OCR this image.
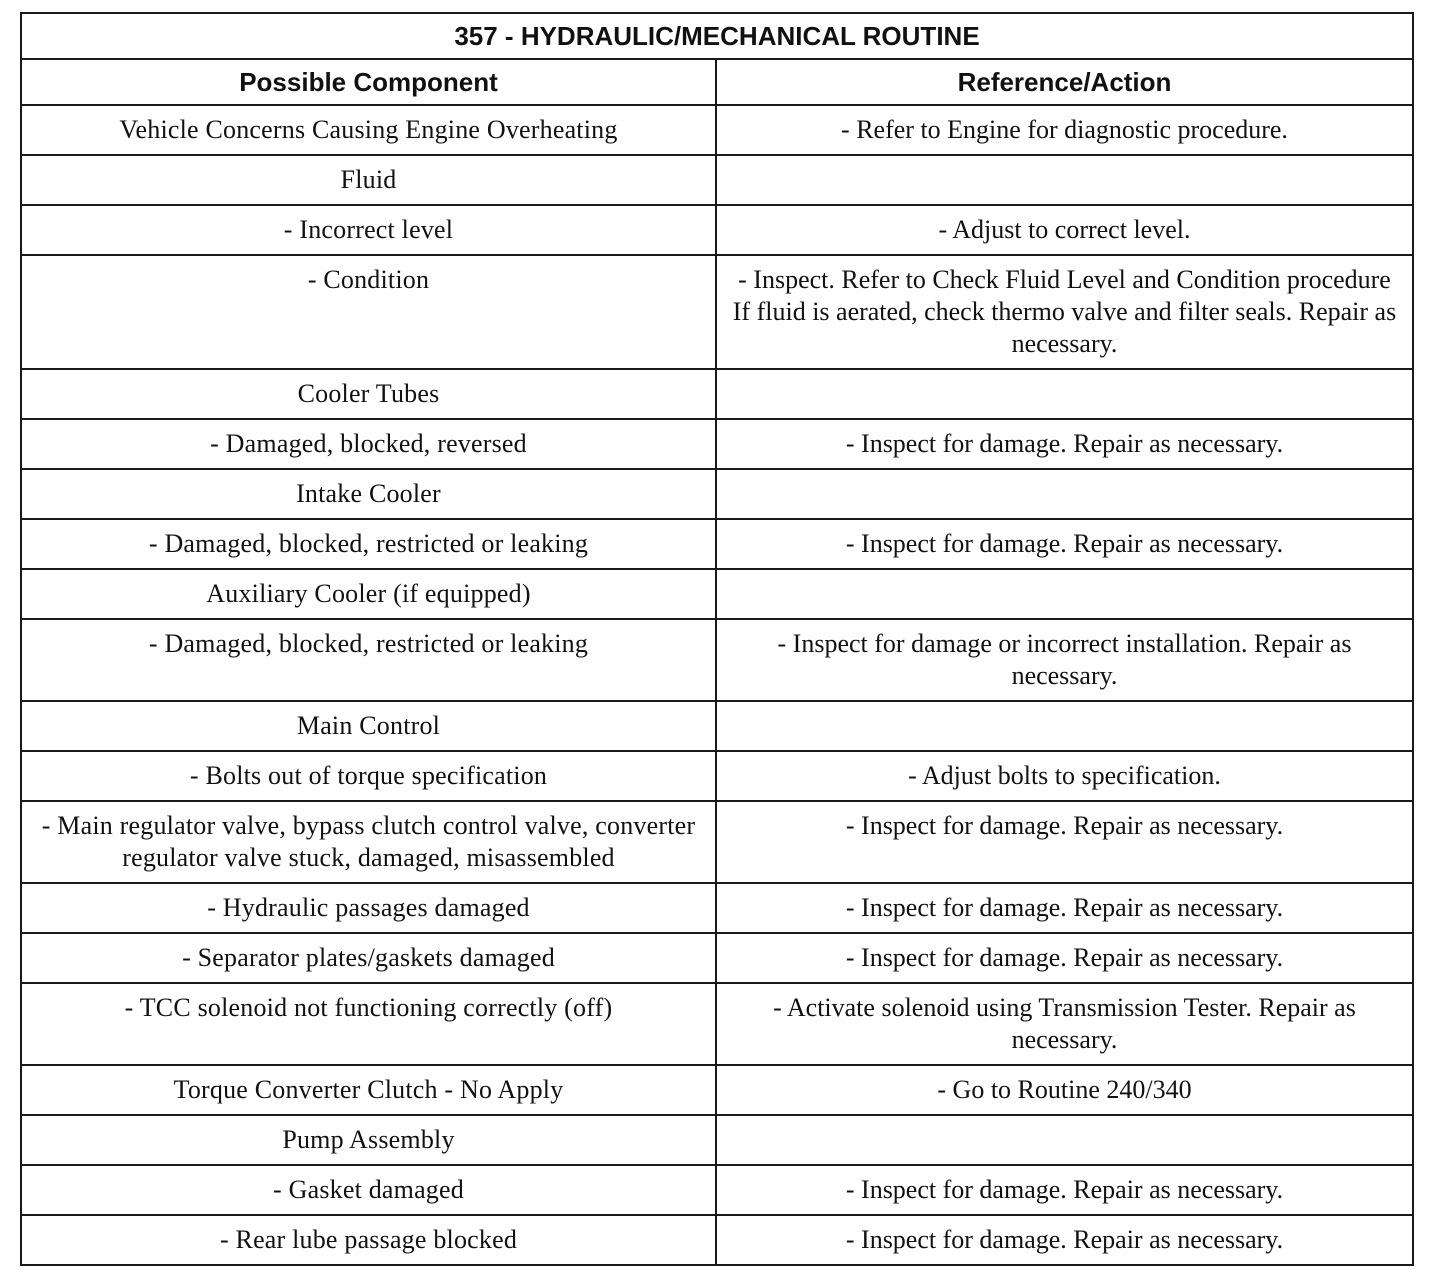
357 - HYDRAULIC/MECHANICAL ROUTINE	
Possible Component	Reference/Action
Vehicle Concerns Causing Engine Overheating	- Refer to Engine for diagnostic procedure.
Fluid	
- Incorrect level	- Adjust to correct level.
- Condition	- Inspect. Refer to Check Fluid Level and Condition procedure If fluid is aerated, check thermo valve and filter seals. Repair as necessary.
Cooler Tubes	
- Damaged, blocked, reversed	- Inspect for damage. Repair as necessary.
Intake Cooler	
- Damaged, blocked, restricted or leaking	- Inspect for damage. Repair as necessary.
Auxiliary Cooler (if equipped)	
- Damaged, blocked, restricted or leaking	- Inspect for damage or incorrect installation. Repair as necessary.
Main Control	
- Bolts out of torque specification	- Adjust bolts to specification.
- Main regulator valve, bypass clutch control valve, converter regulator valve stuck, damaged, misassembled	- Inspect for damage. Repair as necessary.
- Hydraulic passages damaged	- Inspect for damage. Repair as necessary.
- Separator plates/gaskets damaged	- Inspect for damage. Repair as necessary.
- TCC solenoid not functioning correctly (off)	- Activate solenoid using Transmission Tester. Repair as necessary.
Torque Converter Clutch - No Apply	- Go to Routine 240/340
Pump Assembly	
- Gasket damaged	- Inspect for damage. Repair as necessary.
- Rear lube passage blocked	- Inspect for damage. Repair as necessary.
